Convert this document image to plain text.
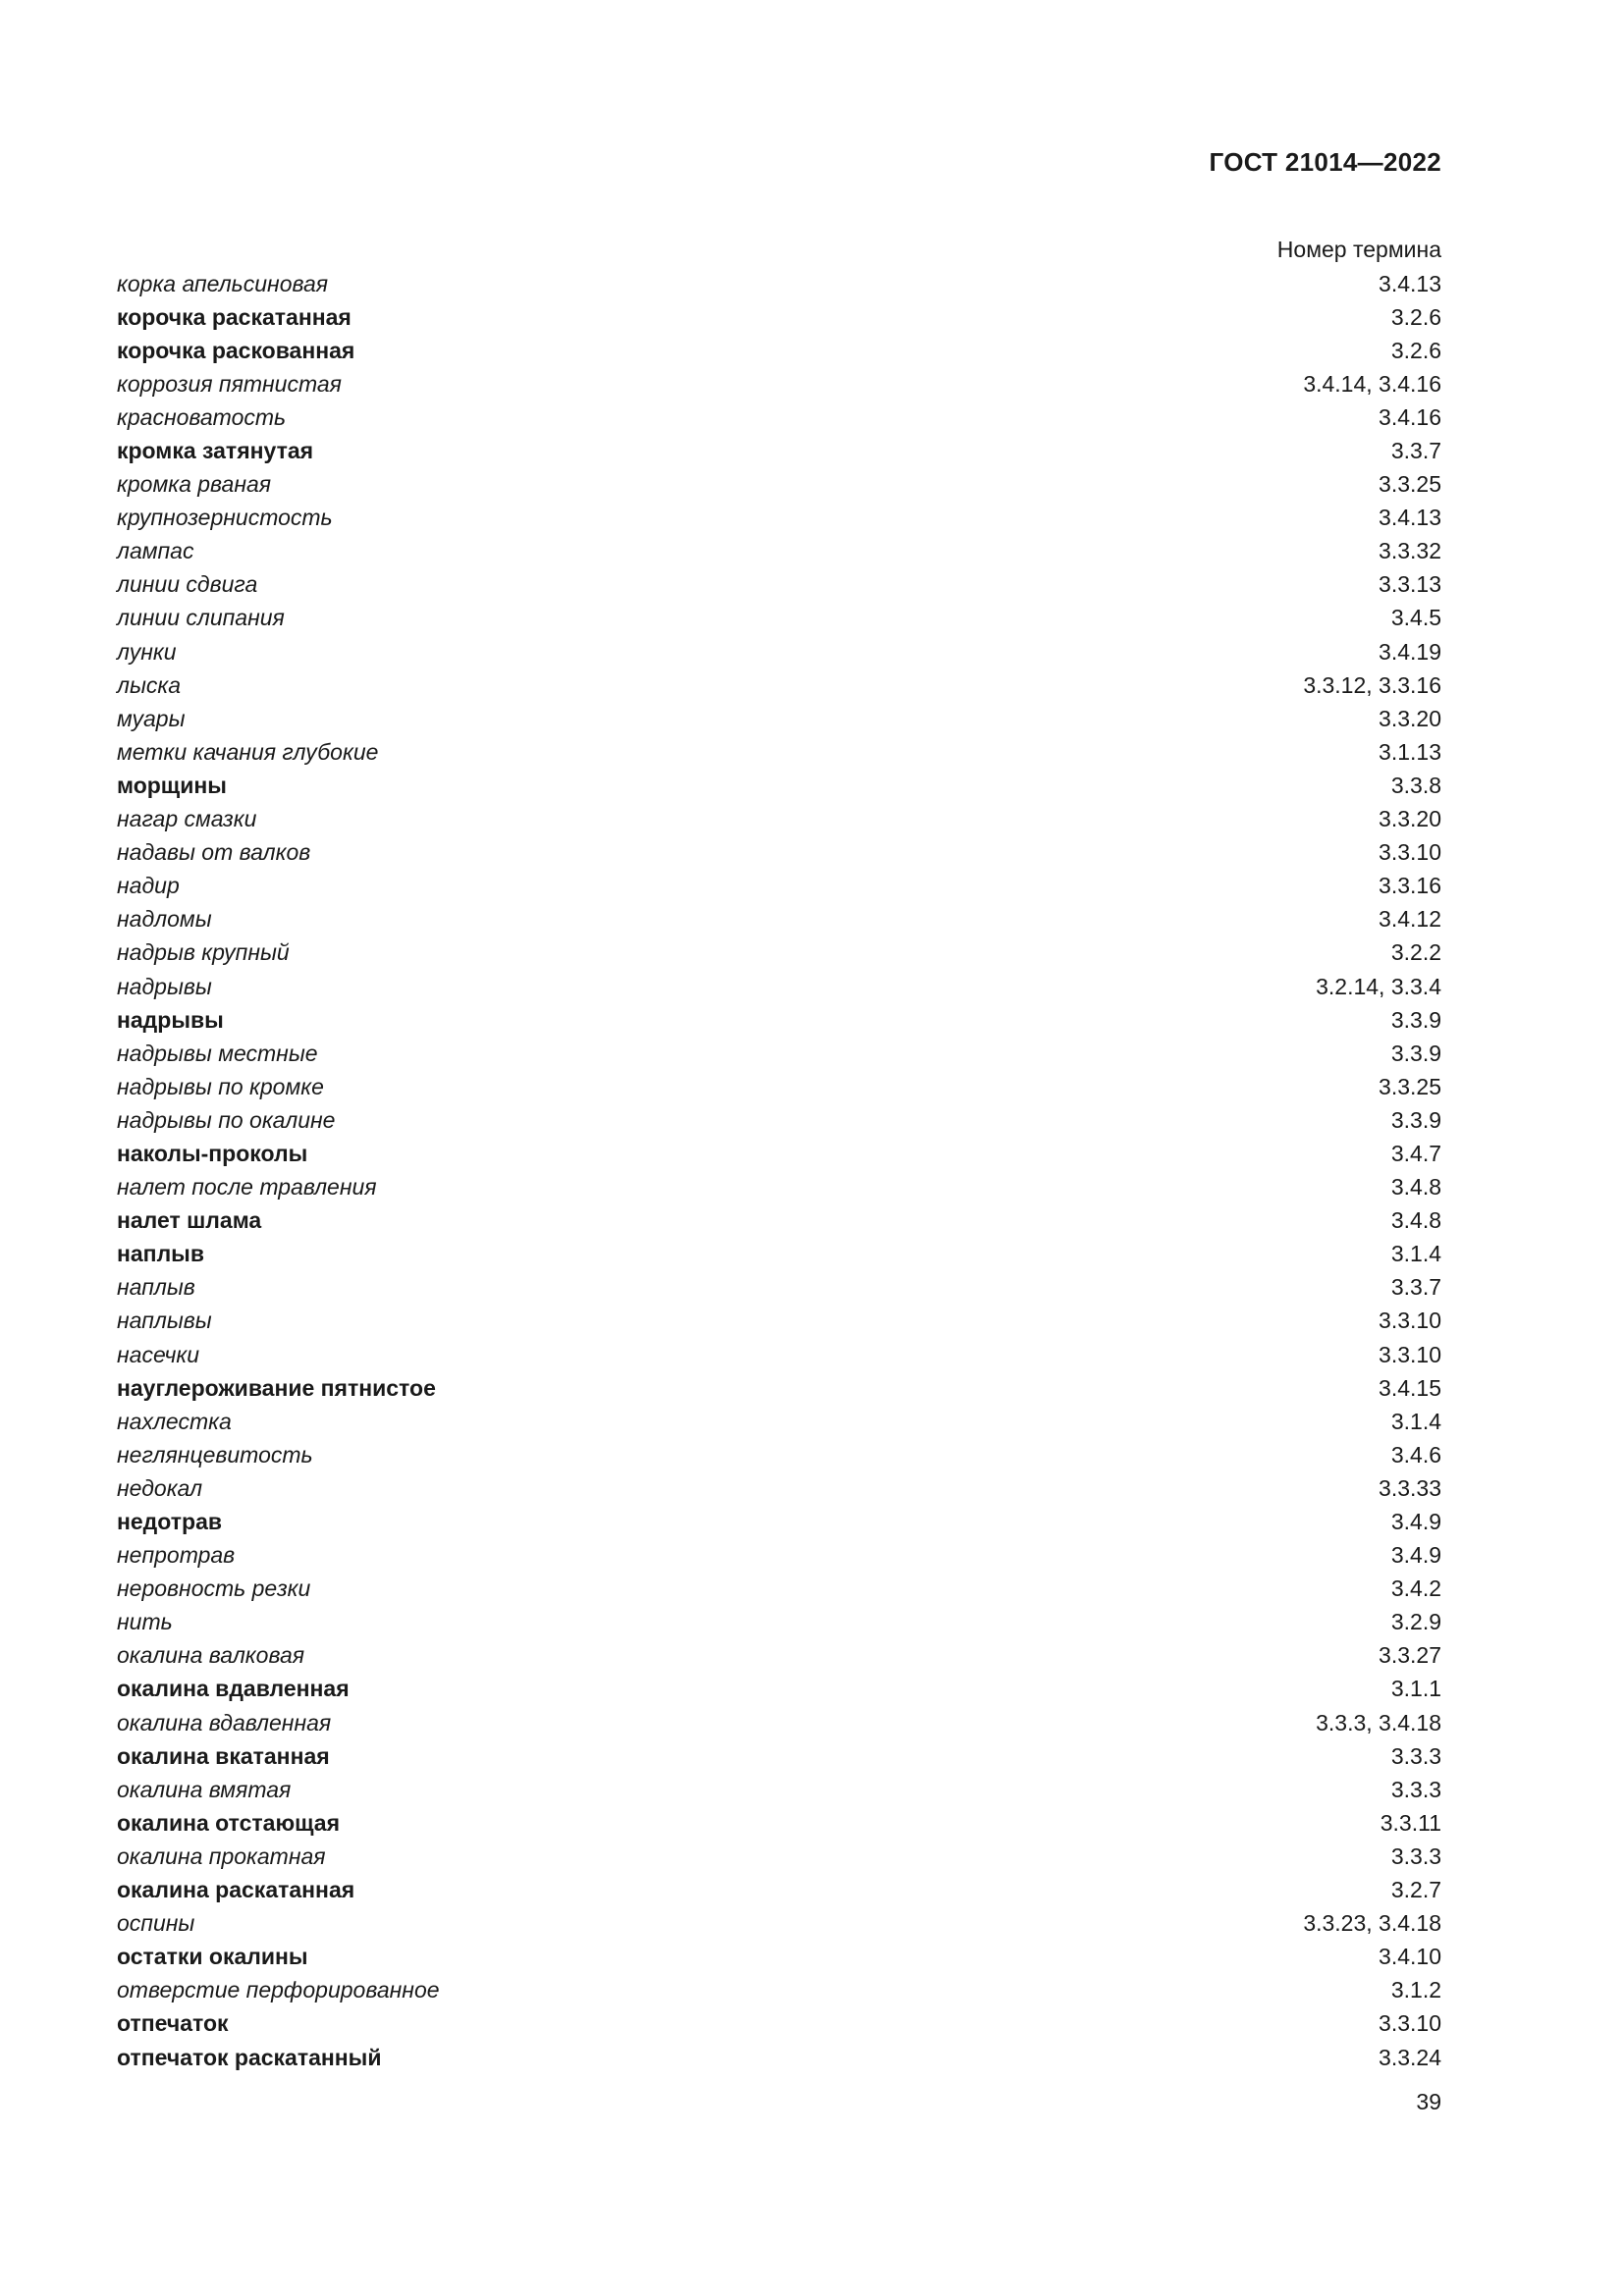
ГОСТ 21014—2022
Номер термина
корка апельсиновая	3.4.13
корочка раскатанная	3.2.6
корочка раскованная	3.2.6
коррозия пятнистая	3.4.14, 3.4.16
красноватость	3.4.16
кромка затянутая	3.3.7
кромка рваная	3.3.25
крупнозернистость	3.4.13
лампас	3.3.32
линии сдвига	3.3.13
линии слипания	3.4.5
лунки	3.4.19
лыска	3.3.12, 3.3.16
муары	3.3.20
метки качания глубокие	3.1.13
морщины	3.3.8
нагар смазки	3.3.20
надавы от валков	3.3.10
надир	3.3.16
надломы	3.4.12
надрыв крупный	3.2.2
надрывы	3.2.14, 3.3.4
надрывы	3.3.9
надрывы местные	3.3.9
надрывы по кромке	3.3.25
надрывы по окалине	3.3.9
наколы-проколы	3.4.7
налет после травления	3.4.8
налет шлама	3.4.8
наплыв	3.1.4
наплыв	3.3.7
наплывы	3.3.10
насечки	3.3.10
науглероживание пятнистое	3.4.15
нахлестка	3.1.4
неглянцевитость	3.4.6
недокал	3.3.33
недотрав	3.4.9
непротрав	3.4.9
неровность резки	3.4.2
нить	3.2.9
окалина валковая	3.3.27
окалина вдавленная	3.1.1
окалина вдавленная	3.3.3, 3.4.18
окалина вкатанная	3.3.3
окалина вмятая	3.3.3
окалина отстающая	3.3.11
окалина прокатная	3.3.3
окалина раскатанная	3.2.7
оспины	3.3.23, 3.4.18
остатки окалины	3.4.10
отверстие перфорированное	3.1.2
отпечаток	3.3.10
отпечаток раскатанный	3.3.24
39
